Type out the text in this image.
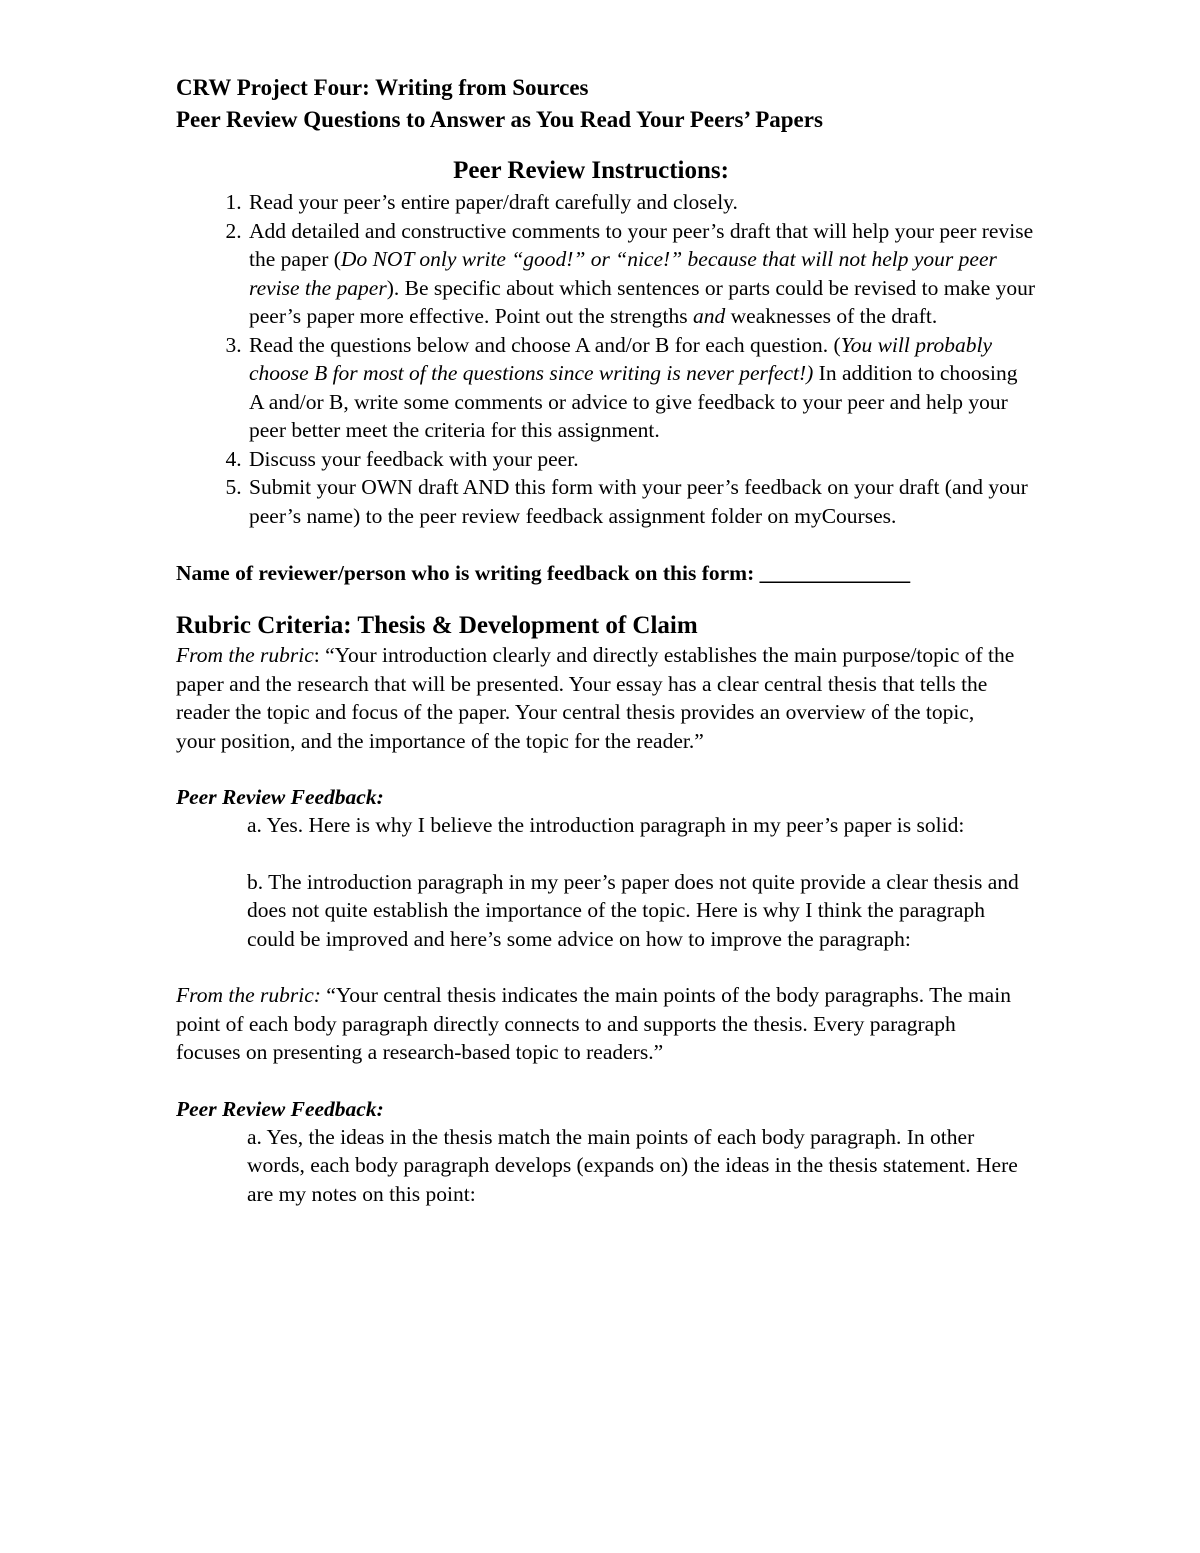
CRW Project Four: Writing from Sources

Peer Review Questions to Answer as You Read Your Peers’ Papers

Peer Review Instructions:

1. Read your peer’s entire paper/draft carefully and closely.
2. Add detailed and constructive comments to your peer’s draft that will help your peer revise the paper (Do NOT only write “good!” or “nice!” because that will not help your peer revise the paper). Be specific about which sentences or parts could be revised to make your peer’s paper more effective. Point out the strengths and weaknesses of the draft.
3. Read the questions below and choose A and/or B for each question. (You will probably choose B for most of the questions since writing is never perfect!) In addition to choosing A and/or B, write some comments or advice to give feedback to your peer and help your peer better meet the criteria for this assignment.
4. Discuss your feedback with your peer.
5. Submit your OWN draft AND this form with your peer’s feedback on your draft (and your peer’s name) to the peer review feedback assignment folder on myCourses.

Name of reviewer/person who is writing feedback on this form: ______________

Rubric Criteria: Thesis & Development of Claim

From the rubric: “Your introduction clearly and directly establishes the main purpose/topic of the paper and the research that will be presented. Your essay has a clear central thesis that tells the reader the topic and focus of the paper. Your central thesis provides an overview of the topic, your position, and the importance of the topic for the reader.”

Peer Review Feedback:

a. Yes. Here is why I believe the introduction paragraph in my peer’s paper is solid:

b. The introduction paragraph in my peer’s paper does not quite provide a clear thesis and does not quite establish the importance of the topic. Here is why I think the paragraph could be improved and here’s some advice on how to improve the paragraph:

From the rubric: “Your central thesis indicates the main points of the body paragraphs. The main point of each body paragraph directly connects to and supports the thesis. Every paragraph focuses on presenting a research-based topic to readers.”

Peer Review Feedback:

a. Yes, the ideas in the thesis match the main points of each body paragraph. In other words, each body paragraph develops (expands on) the ideas in the thesis statement. Here are my notes on this point:
